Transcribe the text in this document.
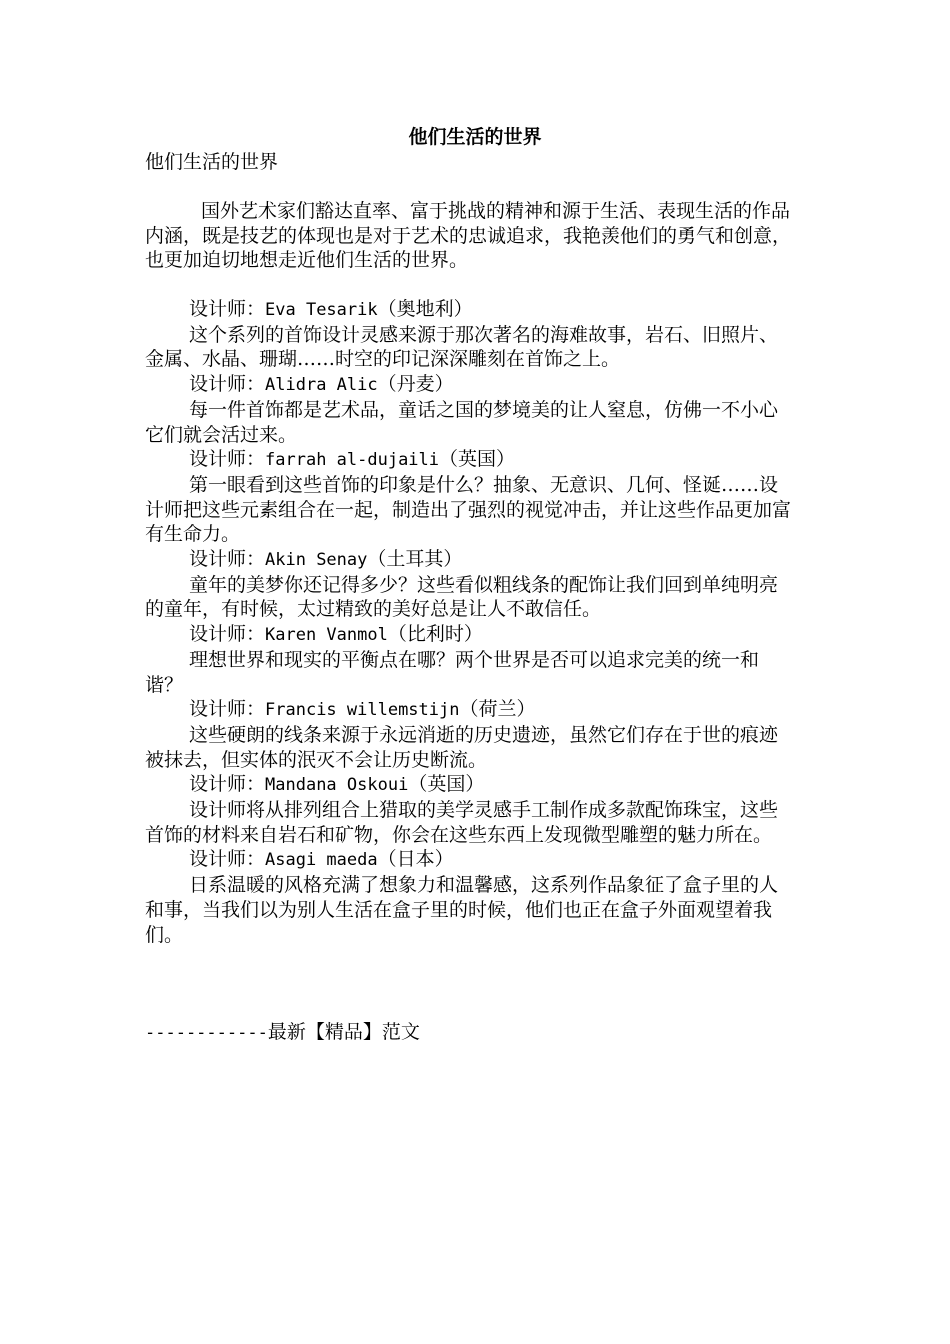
他们生活的世界
他们生活的世界
国外艺术家们豁达直率、富于挑战的精神和源于生活、表现生活的作品内涵，既是技艺的体现也是对于艺术的忠诚追求，我艳羡他们的勇气和创意，也更加迫切地想走近他们生活的世界。

设计师：Eva Tesarik（奥地利）

这个系列的首饰设计灵感来源于那次著名的海难故事，岩石、旧照片、金属、水晶、珊瑚……时空的印记深深雕刻在首饰之上。

设计师：Alidra Alic（丹麦）

每一件首饰都是艺术品，童话之国的梦境美的让人窒息，仿佛一不小心它们就会活过来。

设计师：farrah al-dujaili（英国）

第一眼看到这些首饰的印象是什么？抽象、无意识、几何、怪诞……设计师把这些元素组合在一起，制造出了强烈的视觉冲击，并让这些作品更加富有生命力。

设计师：Akin Senay（土耳其）

童年的美梦你还记得多少？这些看似粗线条的配饰让我们回到单纯明亮的童年，有时候，太过精致的美好总是让人不敢信任。

设计师：Karen Vanmol（比利时）

理想世界和现实的平衡点在哪？两个世界是否可以追求完美的统一和谐？

设计师：Francis willemstijn（荷兰）

这些硬朗的线条来源于永远消逝的历史遗迹，虽然它们存在于世的痕迹被抹去，但实体的泯灭不会让历史断流。

设计师：Mandana Oskoui（英国）

设计师将从排列组合上猎取的美学灵感手工制作成多款配饰珠宝，这些首饰的材料来自岩石和矿物，你会在这些东西上发现微型雕塑的魅力所在。

设计师：Asagi maeda（日本）

日系温暖的风格充满了想象力和温馨感，这系列作品象征了盒子里的人和事，当我们以为别人生活在盒子里的时候，他们也正在盒子外面观望着我们。

------------最新【精品】范文
